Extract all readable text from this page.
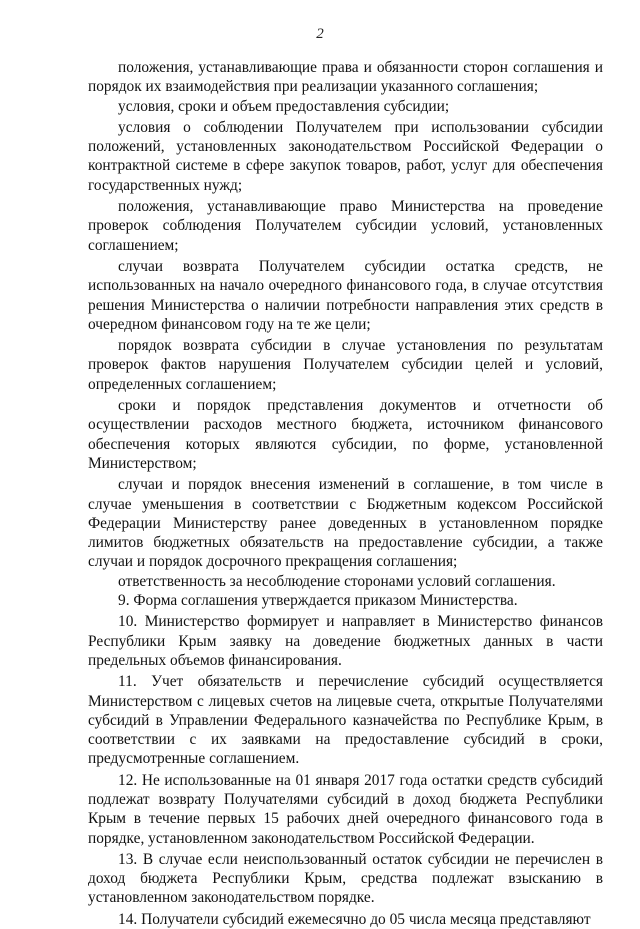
2

положения, устанавливающие права и обязанности сторон соглашения и порядок их взаимодействия при реализации указанного соглашения;

условия, сроки и объем предоставления субсидии;

условия о соблюдении Получателем при использовании субсидии положений, установленных законодательством Российской Федерации о контрактной системе в сфере закупок товаров, работ, услуг для обеспечения государственных нужд;

положения, устанавливающие право Министерства на проведение проверок соблюдения Получателем субсидии условий, установленных соглашением;

случаи возврата Получателем субсидии остатка средств, не использованных на начало очередного финансового года, в случае отсутствия решения Министерства о наличии потребности направления этих средств в очередном финансовом году на те же цели;

порядок возврата субсидии в случае установления по результатам проверок фактов нарушения Получателем субсидии целей и условий, определенных соглашением;

сроки и порядок представления документов и отчетности об осуществлении расходов местного бюджета, источником финансового обеспечения которых являются субсидии, по форме, установленной Министерством;

случаи и порядок внесения изменений в соглашение, в том числе в случае уменьшения в соответствии с Бюджетным кодексом Российской Федерации Министерству ранее доведенных в установленном порядке лимитов бюджетных обязательств на предоставление субсидии, а также случаи и порядок досрочного прекращения соглашения;

ответственность за несоблюдение сторонами условий соглашения.

9. Форма соглашения утверждается приказом Министерства.

10. Министерство формирует и направляет в Министерство финансов Республики Крым заявку на доведение бюджетных данных в части предельных объемов финансирования.

11. Учет обязательств и перечисление субсидий осуществляется Министерством с лицевых счетов на лицевые счета, открытые Получателями субсидий в Управлении Федерального казначейства по Республике Крым, в соответствии с их заявками на предоставление субсидий в сроки, предусмотренные соглашением.

12. Не использованные на 01 января 2017 года остатки средств субсидий подлежат возврату Получателями субсидий в доход бюджета Республики Крым в течение первых 15 рабочих дней очередного финансового года в порядке, установленном законодательством Российской Федерации.

13. В случае если неиспользованный остаток субсидии не перечислен в доход бюджета Республики Крым, средства подлежат взысканию в установленном законодательством порядке.

14. Получатели субсидий ежемесячно до 05 числа месяца представляют
